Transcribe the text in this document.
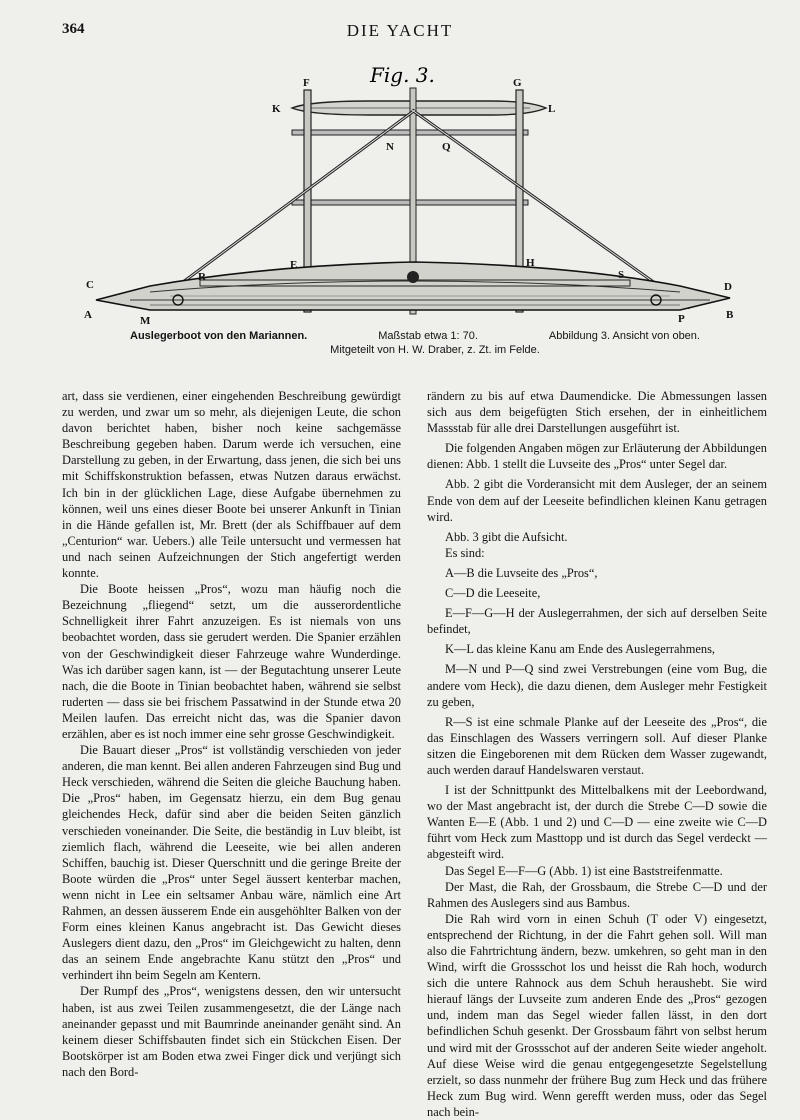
364	DIE YACHT
Fig. 3.
F	G
K	L
N	Q
E	H
R	S
C	D
A	B
M	P
Auslegerboot von den Mariannen.	Maßstab etwa 1: 70.	Abbildung 3. Ansicht von oben.
Mitgeteilt von H. W. Draber, z. Zt. im Felde.

art, dass sie verdienen, einer eingehenden Beschreibung gewürdigt zu werden, und zwar um so mehr, als diejenigen Leute, die schon davon berichtet haben, bisher noch keine sachgemässe Beschreibung gegeben haben. Darum werde ich versuchen, eine Darstellung zu geben, in der Erwartung, dass jenen, die sich bei uns mit Schiffskonstruktion befassen, etwas Nutzen daraus erwächst. Ich bin in der glücklichen Lage, diese Aufgabe übernehmen zu können, weil uns eines dieser Boote bei unserer Ankunft in Tinian in die Hände gefallen ist, Mr. Brett (der als Schiffbauer auf dem „Centurion“ war. Uebers.) alle Teile untersucht und vermessen hat und nach seinen Aufzeichnungen der Stich angefertigt werden konnte.

Die Boote heissen „Pros“, wozu man häufig noch die Bezeichnung „fliegend“ setzt, um die ausserordentliche Schnelligkeit ihrer Fahrt anzuzeigen. Es ist niemals von uns beobachtet worden, dass sie gerudert werden. Die Spanier erzählen von der Geschwindigkeit dieser Fahrzeuge wahre Wunderdinge. Was ich darüber sagen kann, ist — der Begutachtung unserer Leute nach, die die Boote in Tinian beobachtet haben, während sie selbst ruderten — dass sie bei frischem Passatwind in der Stunde etwa 20 Meilen laufen. Das erreicht nicht das, was die Spanier davon erzählen, aber es ist noch immer eine sehr grosse Geschwindigkeit.

Die Bauart dieser „Pros“ ist vollständig verschieden von jeder anderen, die man kennt. Bei allen anderen Fahrzeugen sind Bug und Heck verschieden, während die Seiten die gleiche Bauchung haben. Die „Pros“ haben, im Gegensatz hierzu, ein dem Bug genau gleichendes Heck, dafür sind aber die beiden Seiten gänzlich verschieden voneinander. Die Seite, die beständig in Luv bleibt, ist ziemlich flach, während die Leeseite, wie bei allen anderen Schiffen, bauchig ist. Dieser Querschnitt und die geringe Breite der Boote würden die „Pros“ unter Segel äussert kenterbar machen, wenn nicht in Lee ein seltsamer Anbau wäre, nämlich eine Art Rahmen, an dessen äusserem Ende ein ausgehöhlter Balken von der Form eines kleinen Kanus angebracht ist. Das Gewicht dieses Auslegers dient dazu, den „Pros“ im Gleichgewicht zu halten, denn das an seinem Ende angebrachte Kanu stützt den „Pros“ und verhindert ihn beim Segeln am Kentern.

Der Rumpf des „Pros“, wenigstens dessen, den wir untersucht haben, ist aus zwei Teilen zusammengesetzt, die der Länge nach aneinander gepasst und mit Baumrinde aneinander genäht sind. An keinem dieser Schiffsbauten findet sich ein Stückchen Eisen. Der Bootskörper ist am Boden etwa zwei Finger dick und verjüngt sich nach den Bord-

rändern zu bis auf etwa Daumendicke. Die Abmessungen lassen sich aus dem beigefügten Stich ersehen, der in einheitlichem Massstab für alle drei Darstellungen ausgeführt ist.

Die folgenden Angaben mögen zur Erläuterung der Abbildungen dienen: Abb. 1 stellt die Luvseite des „Pros“ unter Segel dar.

Abb. 2 gibt die Vorderansicht mit dem Ausleger, der an seinem Ende von dem auf der Leeseite befindlichen kleinen Kanu getragen wird.

Abb. 3 gibt die Aufsicht.

Es sind:

A—B die Luvseite des „Pros“,

C—D die Leeseite,

E—F—G—H der Auslegerrahmen, der sich auf derselben Seite befindet,

K—L das kleine Kanu am Ende des Auslegerrahmens,

M—N und P—Q sind zwei Verstrebungen (eine vom Bug, die andere vom Heck), die dazu dienen, dem Ausleger mehr Festigkeit zu geben,

R—S ist eine schmale Planke auf der Leeseite des „Pros“, die das Einschlagen des Wassers verringern soll. Auf dieser Planke sitzen die Eingeborenen mit dem Rücken dem Wasser zugewandt, auch werden darauf Handelswaren verstaut.

I ist der Schnittpunkt des Mittelbalkens mit der Leebordwand, wo der Mast angebracht ist, der durch die Strebe C—D sowie die Wanten E—E (Abb. 1 und 2) und C—D — eine zweite wie C—D führt vom Heck zum Masttopp und ist durch das Segel verdeckt — abgesteift wird.

Das Segel E—F—G (Abb. 1) ist eine Baststreifenmatte.

Der Mast, die Rah, der Grossbaum, die Strebe C—D und der Rahmen des Auslegers sind aus Bambus.

Die Rah wird vorn in einen Schuh (T oder V) eingesetzt, entsprechend der Richtung, in der die Fahrt gehen soll. Will man also die Fahrtrichtung ändern, bezw. umkehren, so geht man in den Wind, wirft die Grossschot los und heisst die Rah hoch, wodurch sich die untere Rahnock aus dem Schuh heraushebt. Sie wird hierauf längs der Luvseite zum anderen Ende des „Pros“ gezogen und, indem man das Segel wieder fallen lässt, in den dort befindlichen Schuh gesenkt. Der Grossbaum fährt von selbst herum und wird mit der Grossschot auf der anderen Seite wieder angeholt. Auf diese Weise wird die genau entgegengesetzte Segelstellung erzielt, so dass nunmehr der frühere Bug zum Heck und das frühere Heck zum Bug wird. Wenn gerefft werden muss, oder das Segel nach bein-
